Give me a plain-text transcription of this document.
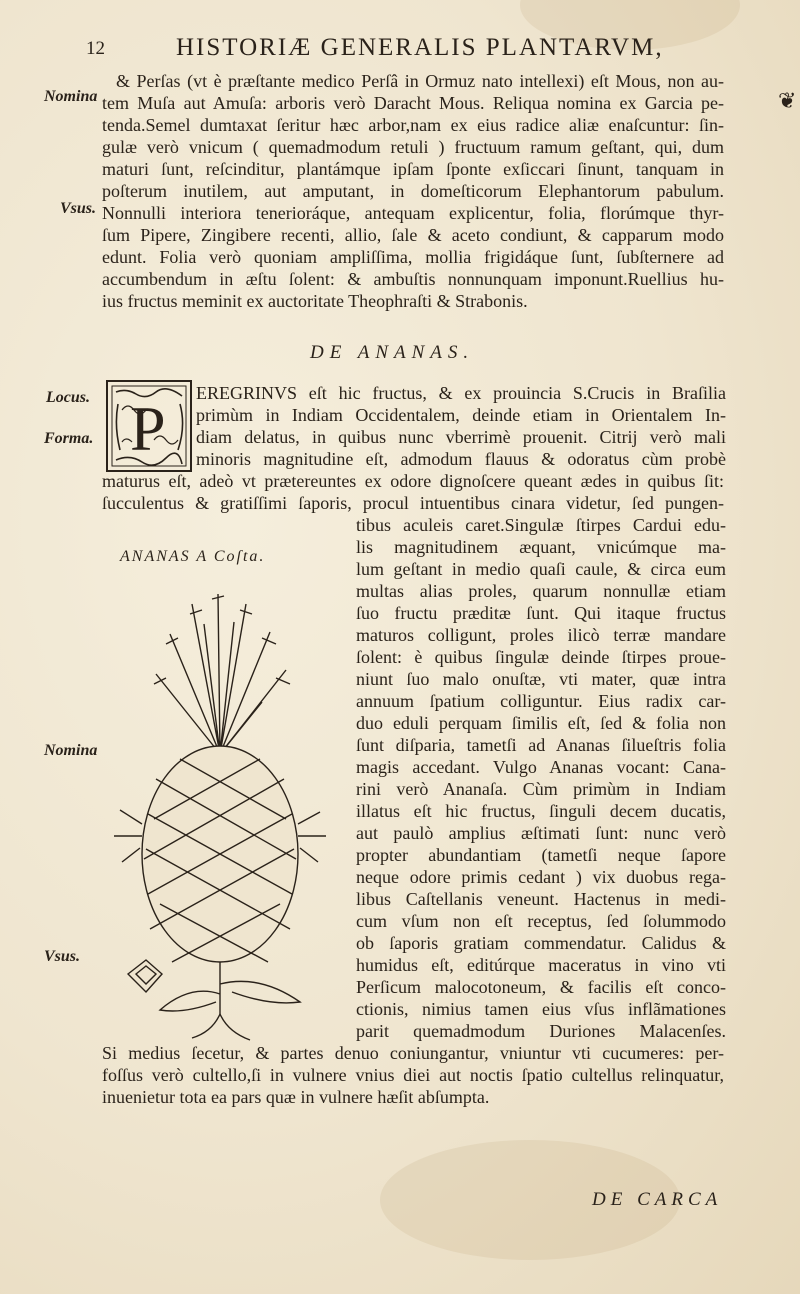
12	HISTORIÆ GENERALIS PLANTARVM,
❦
Nomina
Vsus.
Locus.
Forma.
Nomina
Vsus.
& Perſas (vt è præſtante medico Perſâ in Ormuz nato intellexi) eſt Mous, non au-
tem Muſa aut Amuſa: arboris verò Daracht Mous. Reliqua nomina ex Garcia pe-
tenda.Semel dumtaxat ſeritur hæc arbor,nam ex eius radice aliæ enaſcuntur: ſin-
gulæ verò vnicum ( quemadmodum retuli ) fructuum ramum geſtant, qui, dum
maturi ſunt, reſcinditur, plantámque ipſam ſponte exſiccari ſinunt, tanquam in
poſterum inutilem, aut amputant, in domeſticorum Elephantorum pabulum.
Nonnulli interiora tenerioráque, antequam explicentur, folia, florúmque thyr-
ſum Pipere, Zingibere recenti, allio, ſale & aceto condiunt, & capparum modo
edunt. Folia verò quoniam ampliſſima, mollia frigidáque ſunt, ſubſternere ad
accumbendum in æſtu ſolent: & ambuſtis nonnunquam imponunt.Ruellius hu-
ius fructus meminit ex auctoritate Theophraſti & Strabonis.
DE ANANAS.
P EREGRINVS eſt hic fructus, & ex prouincia S.Crucis in Braſilia
primùm in Indiam Occidentalem, deinde etiam in Orientalem In-
diam delatus, in quibus nunc vberrimè prouenit. Citrij verò mali
minoris magnitudine eſt, admodum flauus & odoratus cùm probè
maturus eſt, adeò vt prætereuntes ex odore dignoſcere queant ædes in quibus ſit:
ſucculentus & gratiſſimi ſaporis, procul intuentibus cinara videtur, ſed pungen-
ANANAS A Coſta.
tibus aculeis caret.Singulæ ſtirpes Cardui edu-
lis magnitudinem æquant, vnicúmque ma-
lum geſtant in medio quaſi caule, & circa eum
multas alias proles, quarum nonnullæ etiam
ſuo fructu præditæ ſunt. Qui itaque fructus
maturos colligunt, proles ilicò terræ mandare
ſolent: è quibus ſingulæ deinde ſtirpes proue-
niunt ſuo malo onuſtæ, vti mater, quæ intra
annuum ſpatium colliguntur. Eius radix car-
duo eduli perquam ſimilis eſt, ſed & folia non
ſunt diſparia, tametſi ad Ananas ſilueſtris folia
magis accedant. Vulgo Ananas vocant: Cana-
rini verò Ananaſa. Cùm primùm in Indiam
illatus eſt hic fructus, ſinguli decem ducatis,
aut paulò amplius æſtimati ſunt: nunc verò
propter abundantiam (tametſi neque ſapore
neque odore primis cedant ) vix duobus rega-
libus Caſtellanis veneunt. Hactenus in medi-
cum vſum non eſt receptus, ſed ſolummodo
ob ſaporis gratiam commendatur. Calidus &
humidus eſt, editúrque maceratus in vino vti
Perſicum malocotoneum, & facilis eſt conco-
ctionis, nimius tamen eius vſus inflãmationes
parit quemadmodum Duriones Malacenſes.
Si medius ſecetur, & partes denuo coniungantur, vniuntur vti cucumeres: per-
foſſus verò cultello,ſi in vulnere vnius diei aut noctis ſpatio cultellus relinquatur,
inuenietur tota ea pars quæ in vulnere hæſit abſumpta.
DE CARCA
